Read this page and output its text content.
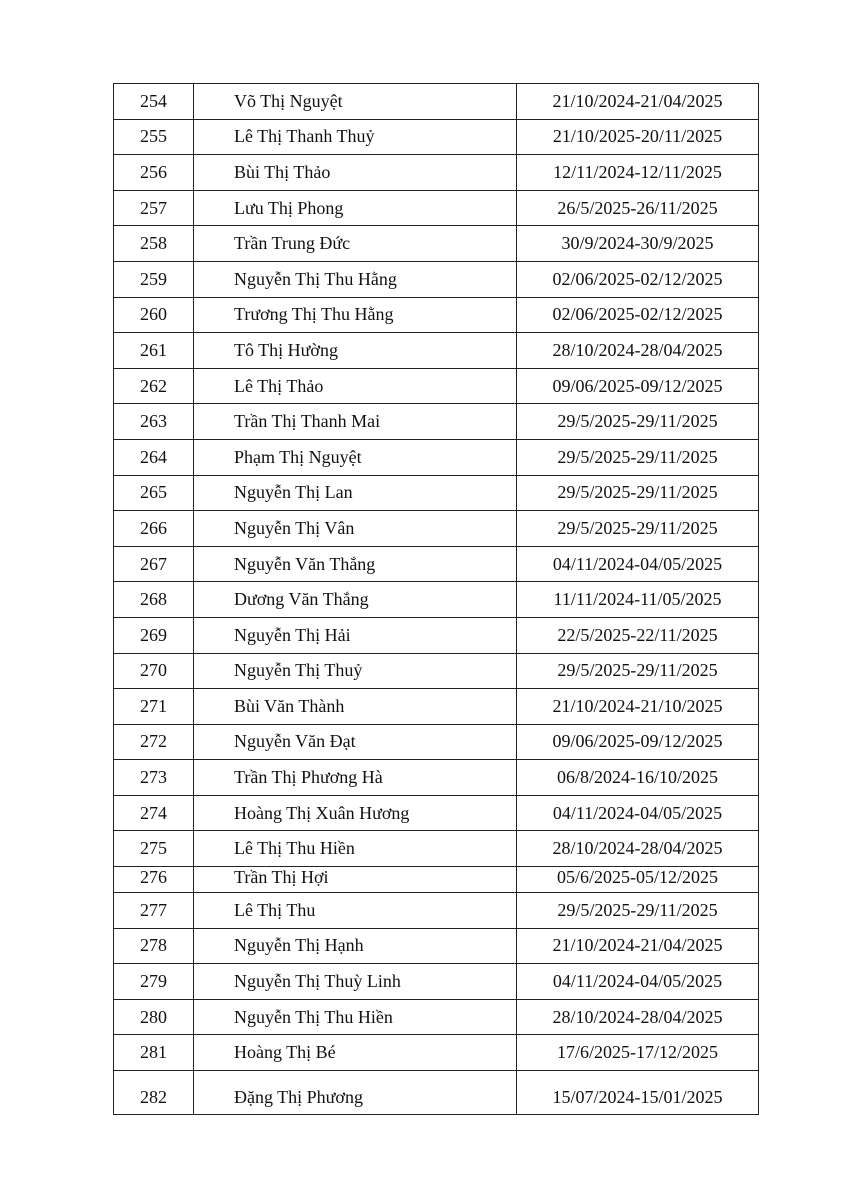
254	Võ Thị Nguyệt	21/10/2024-21/04/2025
255	Lê Thị Thanh Thuỷ	21/10/2025-20/11/2025
256	Bùi Thị Thảo	12/11/2024-12/11/2025
257	Lưu Thị Phong	26/5/2025-26/11/2025
258	Trần Trung Đức	30/9/2024-30/9/2025
259	Nguyễn Thị Thu Hằng	02/06/2025-02/12/2025
260	Trương Thị Thu Hằng	02/06/2025-02/12/2025
261	Tô Thị Hường	28/10/2024-28/04/2025
262	Lê Thị Thảo	09/06/2025-09/12/2025
263	Trần Thị Thanh Mai	29/5/2025-29/11/2025
264	Phạm Thị Nguyệt	29/5/2025-29/11/2025
265	Nguyễn Thị Lan	29/5/2025-29/11/2025
266	Nguyễn Thị Vân	29/5/2025-29/11/2025
267	Nguyễn Văn Thắng	04/11/2024-04/05/2025
268	Dương Văn Thắng	11/11/2024-11/05/2025
269	Nguyễn Thị Hải	22/5/2025-22/11/2025
270	Nguyễn Thị Thuỷ	29/5/2025-29/11/2025
271	Bùi Văn Thành	21/10/2024-21/10/2025
272	Nguyễn Văn Đạt	09/06/2025-09/12/2025
273	Trần Thị Phương Hà	06/8/2024-16/10/2025
274	Hoàng Thị Xuân Hương	04/11/2024-04/05/2025
275	Lê Thị Thu Hiền	28/10/2024-28/04/2025
276	Trần Thị Hợi	05/6/2025-05/12/2025
277	Lê Thị Thu	29/5/2025-29/11/2025
278	Nguyễn Thị Hạnh	21/10/2024-21/04/2025
279	Nguyễn Thị Thuỳ Linh	04/11/2024-04/05/2025
280	Nguyễn Thị Thu Hiền	28/10/2024-28/04/2025
281	Hoàng Thị Bé	17/6/2025-17/12/2025
282	Đặng Thị Phương	15/07/2024-15/01/2025
